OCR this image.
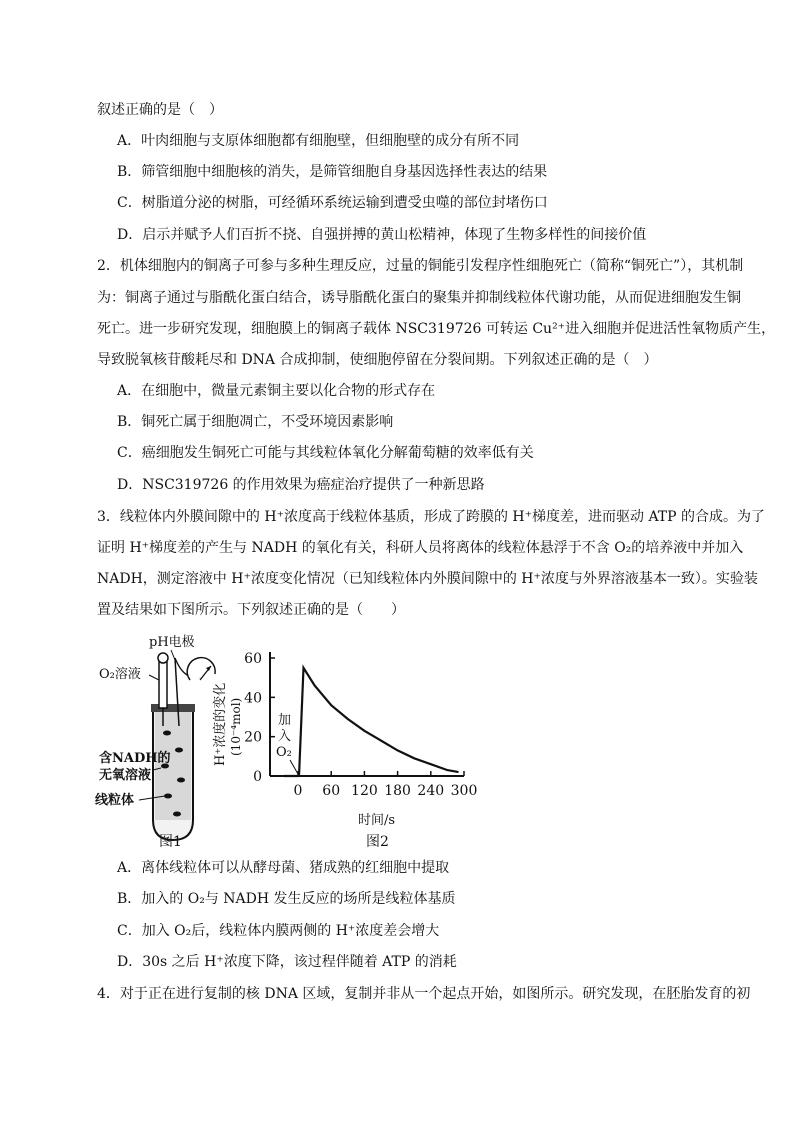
叙述正确的是（　）
A．叶肉细胞与支原体细胞都有细胞壁，但细胞壁的成分有所不同
B．筛管细胞中细胞核的消失，是筛管细胞自身基因选择性表达的结果
C．树脂道分泌的树脂，可经循环系统运输到遭受虫噬的部位封堵伤口
D．启示并赋予人们百折不挠、自强拼搏的黄山松精神，体现了生物多样性的间接价值
2．机体细胞内的铜离子可参与多种生理反应，过量的铜能引发程序性细胞死亡（简称“铜死亡”），其机制
为：铜离子通过与脂酰化蛋白结合，诱导脂酰化蛋白的聚集并抑制线粒体代谢功能，从而促进细胞发生铜
死亡。进一步研究发现，细胞膜上的铜离子载体 NSC319726 可转运 Cu²⁺进入细胞并促进活性氧物质产生，
导致脱氧核苷酸耗尽和 DNA 合成抑制，使细胞停留在分裂间期。下列叙述正确的是（　）
A．在细胞中，微量元素铜主要以化合物的形式存在
B．铜死亡属于细胞凋亡，不受环境因素影响
C．癌细胞发生铜死亡可能与其线粒体氧化分解葡萄糖的效率低有关
D．NSC319726 的作用效果为癌症治疗提供了一种新思路
3．线粒体内外膜间隙中的 H⁺浓度高于线粒体基质，形成了跨膜的 H⁺梯度差，进而驱动 ATP 的合成。为了
证明 H⁺梯度差的产生与 NADH 的氧化有关，科研人员将离体的线粒体悬浮于不含 O₂的培养液中并加入
NADH，测定溶液中 H⁺浓度变化情况（已知线粒体内外膜间隙中的 H⁺浓度与外界溶液基本一致）。实验装
置及结果如下图所示。下列叙述正确的是（　　）
pH电极
O₂溶液
含NADH的
无氧溶液
线粒体
图1
0
20
40
60
0 60 120 180 240 300
H⁺浓度的变化 (10⁻⁴mol)	加
入
O₂
时间/s
图2
A．离体线粒体可以从酵母菌、猪成熟的红细胞中提取
B．加入的 O₂与 NADH 发生反应的场所是线粒体基质
C．加入 O₂后，线粒体内膜两侧的 H⁺浓度差会增大
D．30s 之后 H⁺浓度下降，该过程伴随着 ATP 的消耗
4．对于正在进行复制的核 DNA 区域，复制并非从一个起点开始，如图所示。研究发现，在胚胎发育的初
